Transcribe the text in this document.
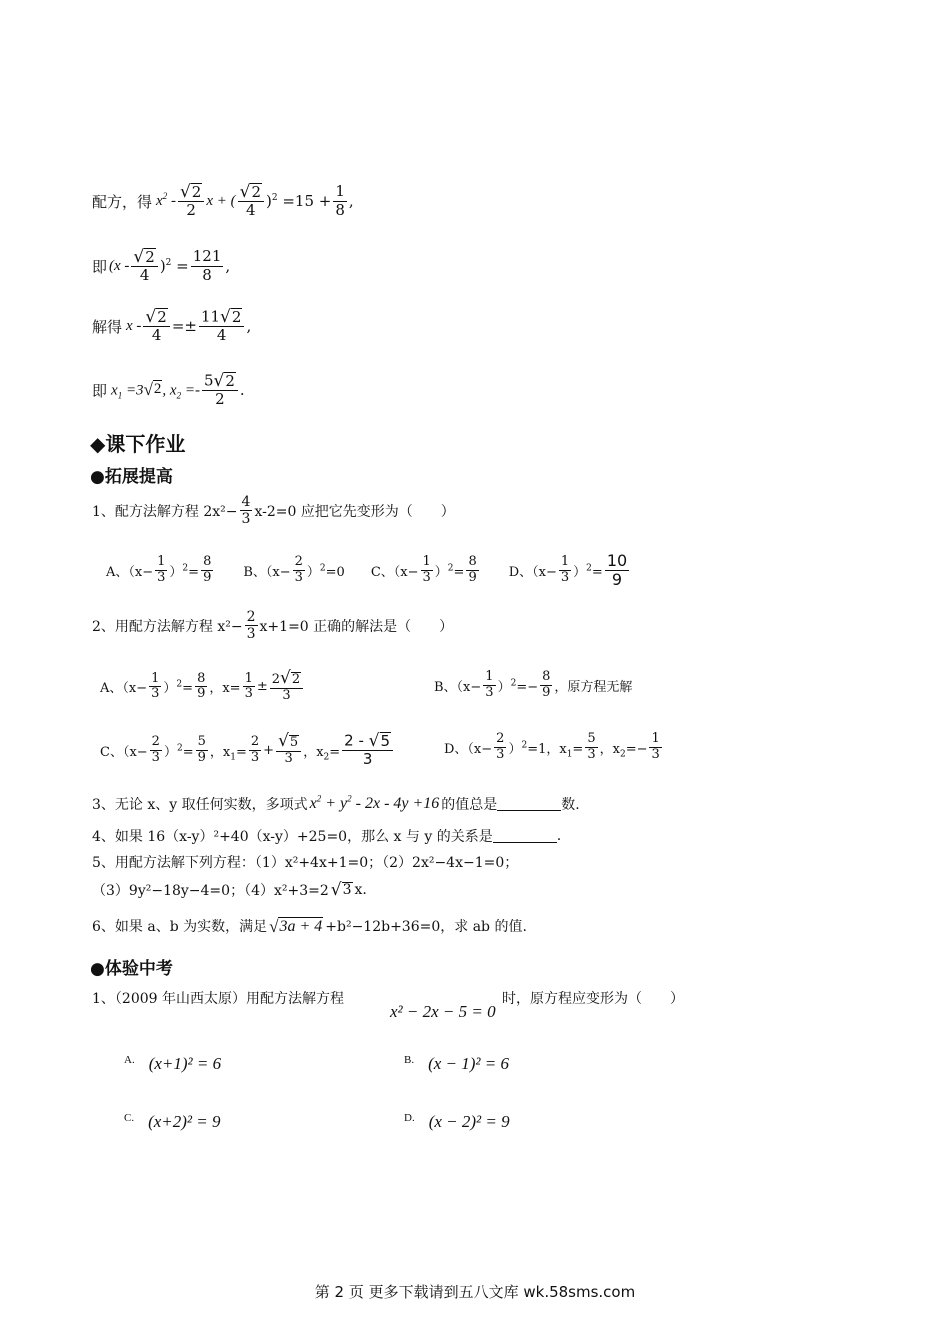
配方，得 $x^2 - \frac{√ 2}{2}$ x + ( $\frac{√ 2}{4} )^2 =15 + \frac{1}{8}$ ,
即 $(x - \frac{√ 2}{4} )^2 = \frac{121}{8}$ ,
解得 $x - \frac{√ 2}{4} =\pm \frac{11 √ 2}{4}$ ,
即 $x_1 =3$ √ 2 , $x_2 =- \frac{5 √ 2}{2}$ .
◆课下作业
●拓展提高
1、配方法解方程 $2x^2- \frac{4}{3} x-2=0$ 应把它先变形为（　　）
A、$(x- \frac{1}{3} )^2= \frac{8}{9}$ B、$(x- \frac{2}{3} )^2=0$ C、$(x- \frac{1}{3} )^2= \frac{8}{9}$ D、$(x- \frac{1}{3} )^2= \frac{10}{9}$
2、用配方法解方程 $x^2- \frac{2}{3} x+1=0$ 正确的解法是（　　）
A、$(x- \frac{1}{3} )^2= \frac{8}{9}$ ，$x= \frac{1}{3} \pm \frac{2 √ 2}{3}$	B、$(x- \frac{1}{3} )^2=- \frac{8}{9}$ ，原方程无解
C、$(x- \frac{2}{3} )^2= \frac{5}{9}$ ，$x_1= \frac{2}{3} + \frac{√ 5}{3}$ ，$x_2= \frac{2 - √ 5}{3}$	D、$(x- \frac{2}{3} )^2=1$，$x_1= \frac{5}{3}$ ，$x_2=- \frac{1}{3}$
3、无论 x、y 取任何实数，多项式 $x^2 + y^2 - 2x - 4y +16$ 的值总是	数.
4、如果 16（x-y）²+40（x-y）+25=0，那么 x 与 y 的关系是	.
5、用配方法解下列方程：（1）x²+4x+1=0；（2）2x²−4x−1=0；
（3）9y²−18y−4=0；（4）x²+3=2 √ 3 x.
6、如果 a、b 为实数，满足 √ 3a + 4 +b²−12b+36=0，求 ab 的值.
●体验中考
1、（2009 年山西太原）用配方法解方程
x² − 2x − 5 = 0
时，原方程应变形为（　　）
$^{A.}$ (x+1)² = 6	$^{B.}$ (x − 1)² = 6
$^{C.}$ (x+2)² = 9	$^{D.}$ (x − 2)² = 9
第 2 页 更多下载请到五八文库 wk.58sms.com
